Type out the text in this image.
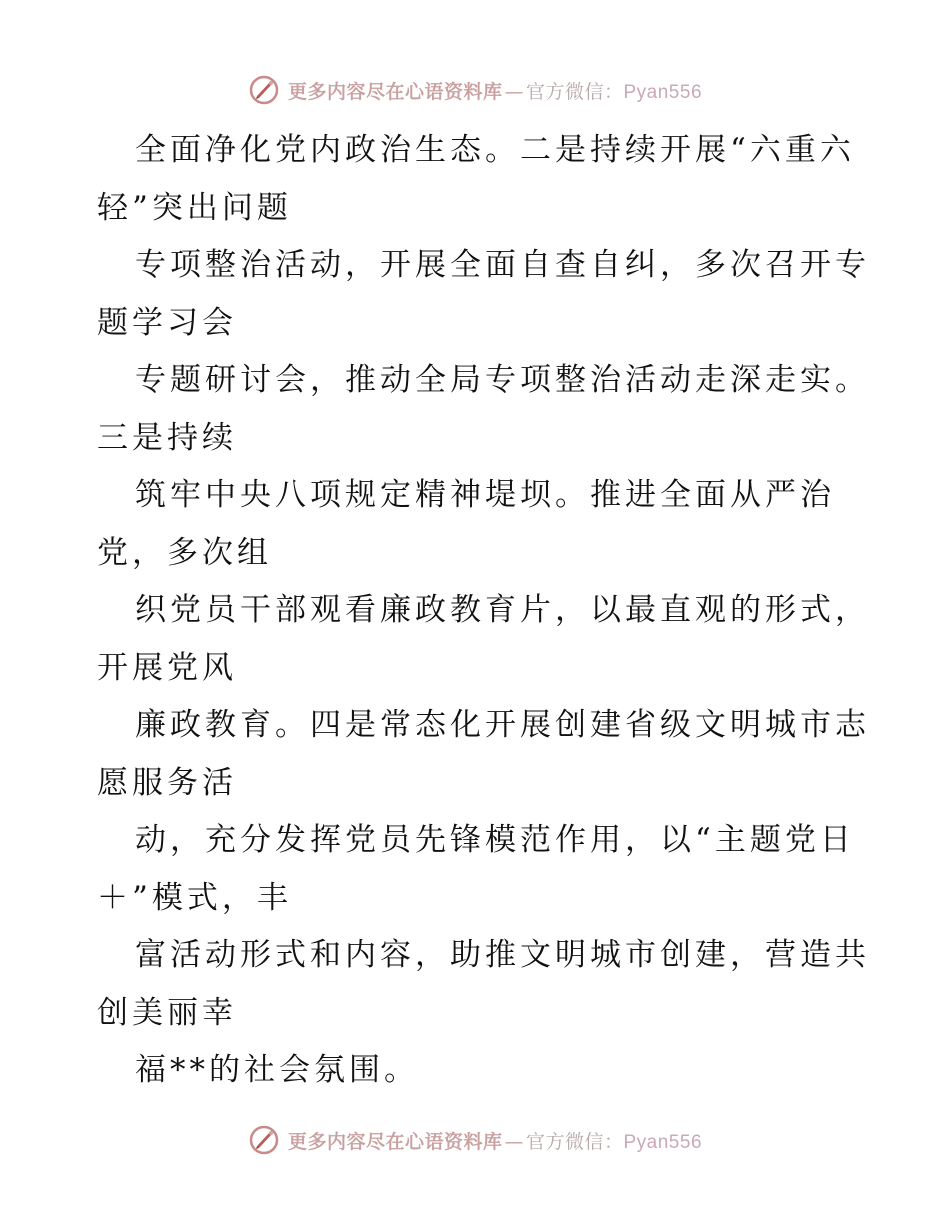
更多内容尽在心语资料库 — 官方微信： Pyan556

全面净化党内政治生态。二是持续开展“六重六
轻”突出问题

专项整治活动，开展全面自查自纠，多次召开专
题学习会

专题研讨会，推动全局专项整治活动走深走实。
三是持续

筑牢中央八项规定精神堤坝。推进全面从严治
党，多次组

织党员干部观看廉政教育片，以最直观的形式，
开展党风

廉政教育。四是常态化开展创建省级文明城市志
愿服务活

动，充分发挥党员先锋模范作用，以“主题党日
＋”模式，丰

富活动形式和内容，助推文明城市创建，营造共
创美丽幸

福**的社会氛围。

更多内容尽在心语资料库 — 官方微信： Pyan556
